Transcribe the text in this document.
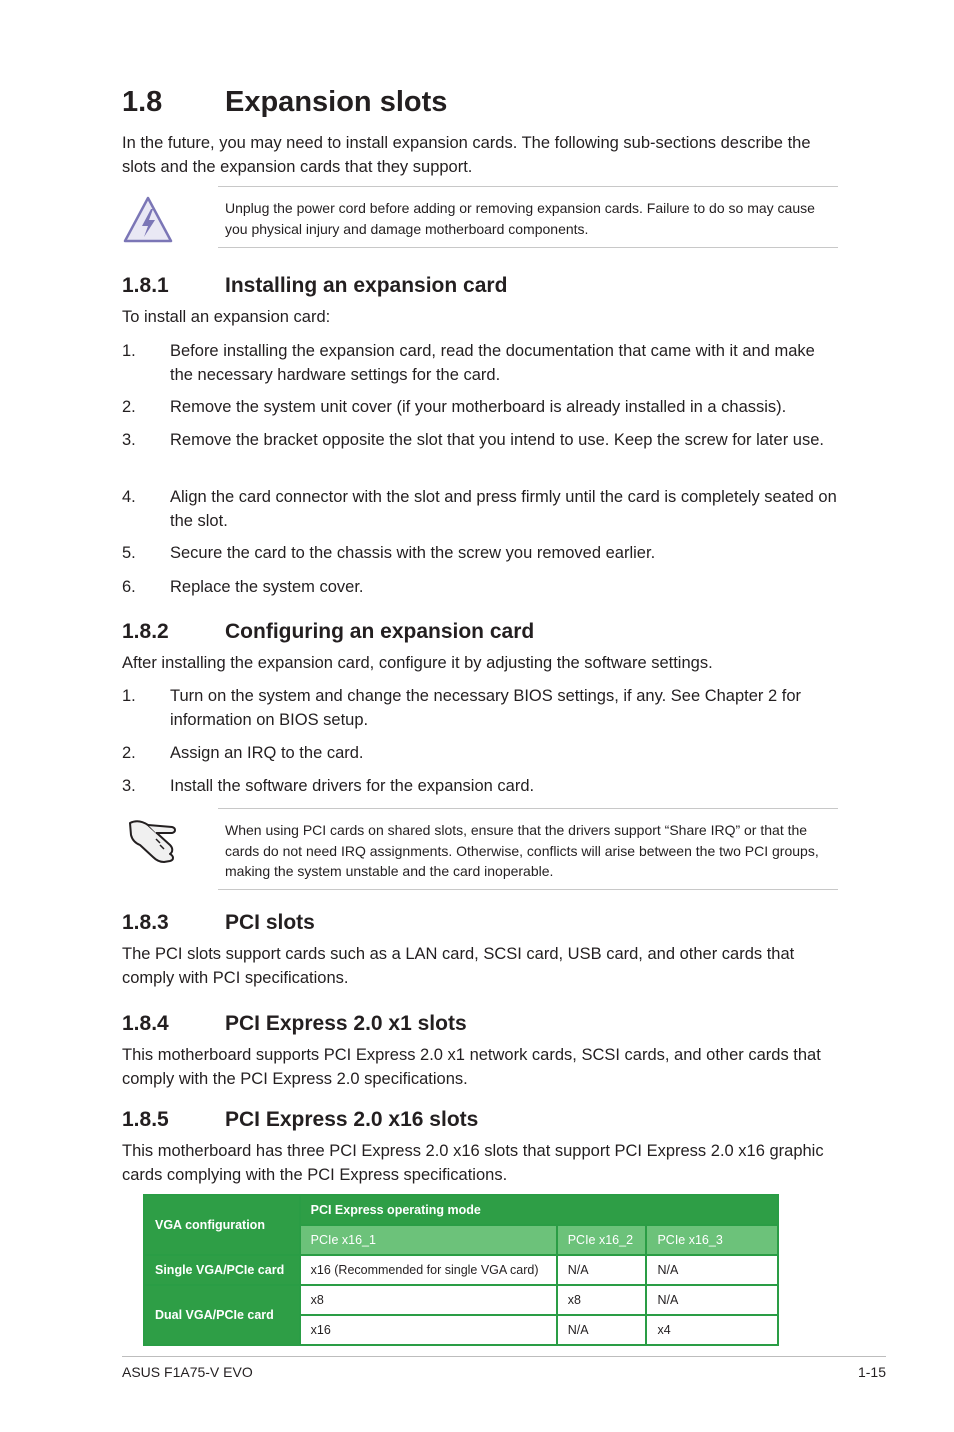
1.8 Expansion slots
In the future, you may need to install expansion cards. The following sub-sections describe the slots and the expansion cards that they support.
Unplug the power cord before adding or removing expansion cards. Failure to do so may cause you physical injury and damage motherboard components.
1.8.1	Installing an expansion card
To install an expansion card:
1. Before installing the expansion card, read the documentation that came with it and make the necessary hardware settings for the card.
2. Remove the system unit cover (if your motherboard is already installed in a chassis).
3. Remove the bracket opposite the slot that you intend to use. Keep the screw for later use.
4. Align the card connector with the slot and press firmly until the card is completely seated on the slot.
5. Secure the card to the chassis with the screw you removed earlier.
6. Replace the system cover.
1.8.2	Configuring an expansion card
After installing the expansion card, configure it by adjusting the software settings.
1. Turn on the system and change the necessary BIOS settings, if any. See Chapter 2 for information on BIOS setup.
2. Assign an IRQ to the card.
3. Install the software drivers for the expansion card.
When using PCI cards on shared slots, ensure that the drivers support “Share IRQ” or that the cards do not need IRQ assignments. Otherwise, conflicts will arise between the two PCI groups, making the system unstable and the card inoperable.
1.8.3	PCI slots
The PCI slots support cards such as a LAN card, SCSI card, USB card, and other cards that comply with PCI specifications.
1.8.4	PCI Express 2.0 x1 slots
This motherboard supports PCI Express 2.0 x1 network cards, SCSI cards, and other cards that comply with the PCI Express 2.0 specifications.
1.8.5	PCI Express 2.0 x16 slots
This motherboard has three PCI Express 2.0 x16 slots that support PCI Express 2.0 x16 graphic cards complying with the PCI Express specifications.
VGA configuration	PCI Express operating mode		
	PCIe x16_1	PCIe x16_2	PCIe x16_3
Single VGA/PCIe card	x16 (Recommended for single VGA card)	N/A	N/A
Dual VGA/PCIe card	x8	x8	N/A
	x16	N/A	x4
ASUS F1A75-V EVO	1-15
